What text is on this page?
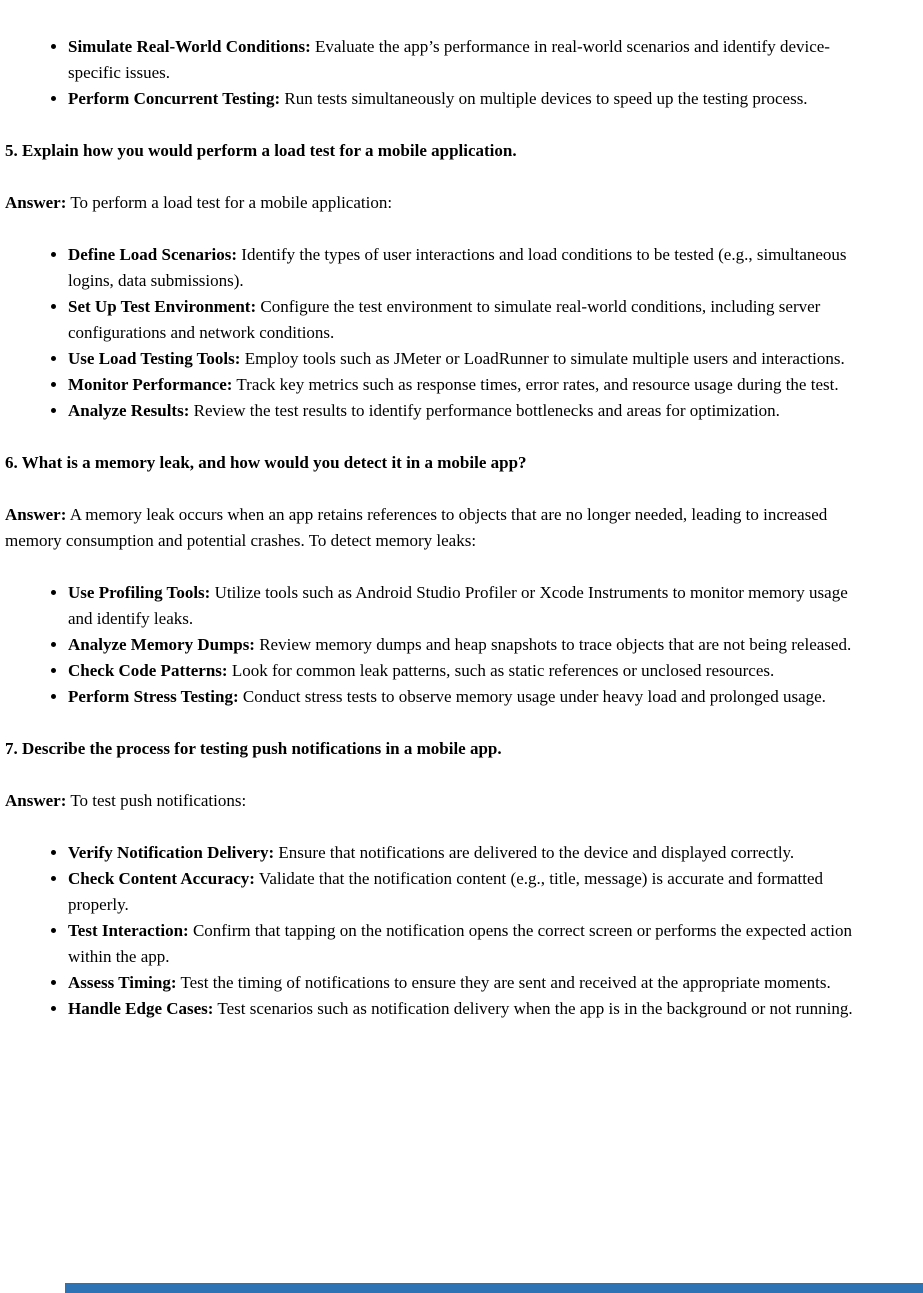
• Simulate Real-World Conditions: Evaluate the app’s performance in real-world scenarios and identify device-specific issues.
• Perform Concurrent Testing: Run tests simultaneously on multiple devices to speed up the testing process.

5. Explain how you would perform a load test for a mobile application.

Answer: To perform a load test for a mobile application:

• Define Load Scenarios: Identify the types of user interactions and load conditions to be tested (e.g., simultaneous logins, data submissions).
• Set Up Test Environment: Configure the test environment to simulate real-world conditions, including server configurations and network conditions.
• Use Load Testing Tools: Employ tools such as JMeter or LoadRunner to simulate multiple users and interactions.
• Monitor Performance: Track key metrics such as response times, error rates, and resource usage during the test.
• Analyze Results: Review the test results to identify performance bottlenecks and areas for optimization.

6. What is a memory leak, and how would you detect it in a mobile app?

Answer: A memory leak occurs when an app retains references to objects that are no longer needed, leading to increased memory consumption and potential crashes. To detect memory leaks:

• Use Profiling Tools: Utilize tools such as Android Studio Profiler or Xcode Instruments to monitor memory usage and identify leaks.
• Analyze Memory Dumps: Review memory dumps and heap snapshots to trace objects that are not being released.
• Check Code Patterns: Look for common leak patterns, such as static references or unclosed resources.
• Perform Stress Testing: Conduct stress tests to observe memory usage under heavy load and prolonged usage.

7. Describe the process for testing push notifications in a mobile app.

Answer: To test push notifications:

• Verify Notification Delivery: Ensure that notifications are delivered to the device and displayed correctly.
• Check Content Accuracy: Validate that the notification content (e.g., title, message) is accurate and formatted properly.
• Test Interaction: Confirm that tapping on the notification opens the correct screen or performs the expected action within the app.
• Assess Timing: Test the timing of notifications to ensure they are sent and received at the appropriate moments.
• Handle Edge Cases: Test scenarios such as notification delivery when the app is in the background or not running.
